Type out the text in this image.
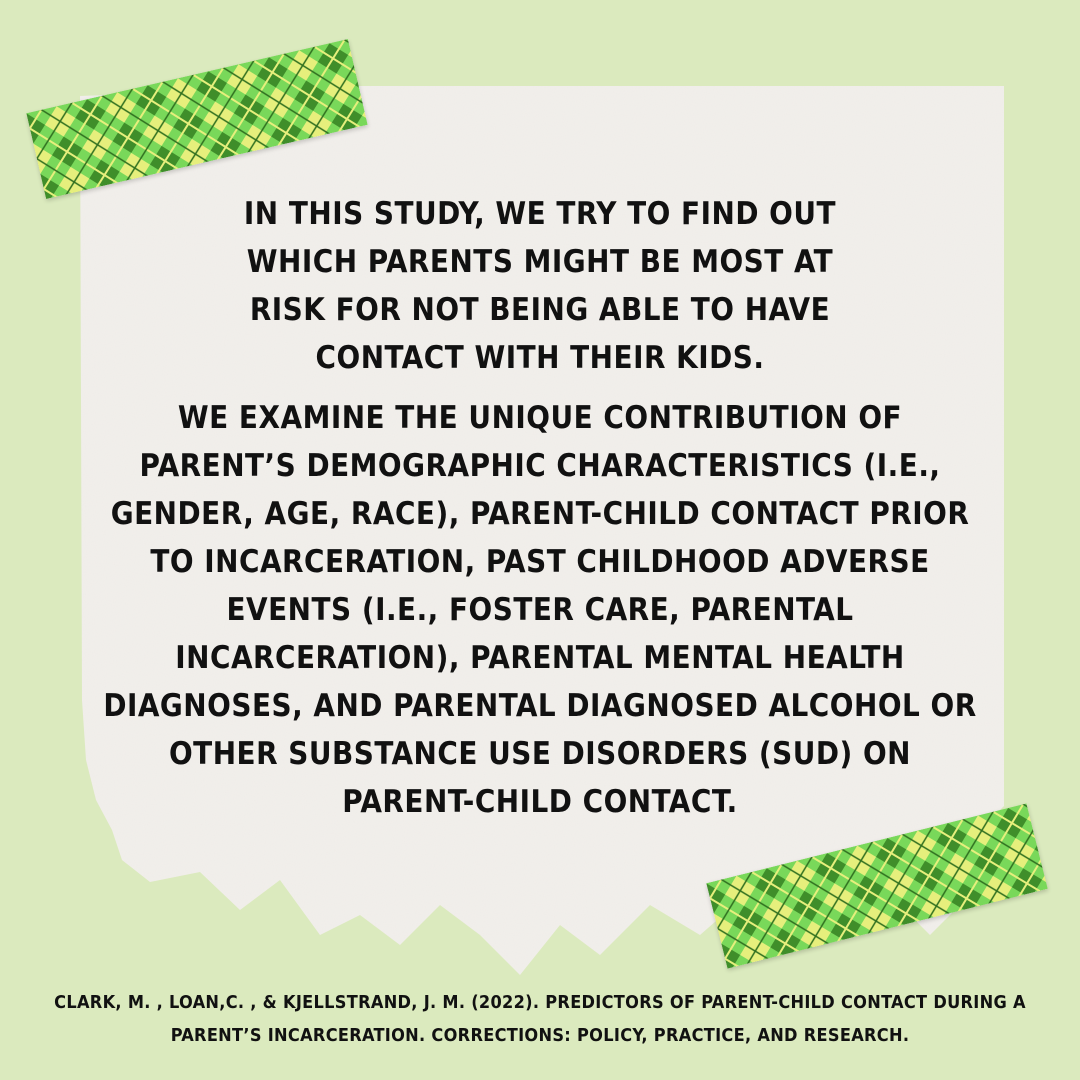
IN THIS STUDY, WE TRY TO FIND OUT WHICH PARENTS MIGHT BE MOST AT RISK FOR NOT BEING ABLE TO HAVE CONTACT WITH THEIR KIDS.

WE EXAMINE THE UNIQUE CONTRIBUTION OF PARENT’S DEMOGRAPHIC CHARACTERISTICS (I.E., GENDER, AGE, RACE), PARENT-CHILD CONTACT PRIOR TO INCARCERATION, PAST CHILDHOOD ADVERSE EVENTS (I.E., FOSTER CARE, PARENTAL INCARCERATION), PARENTAL MENTAL HEALTH DIAGNOSES, AND PARENTAL DIAGNOSED ALCOHOL OR OTHER SUBSTANCE USE DISORDERS (SUD) ON PARENT-CHILD CONTACT.

CLARK, M. , LOAN,C. , & KJELLSTRAND, J. M. (2022). PREDICTORS OF PARENT-CHILD CONTACT DURING A PARENT’S INCARCERATION. CORRECTIONS: POLICY, PRACTICE, AND RESEARCH.
